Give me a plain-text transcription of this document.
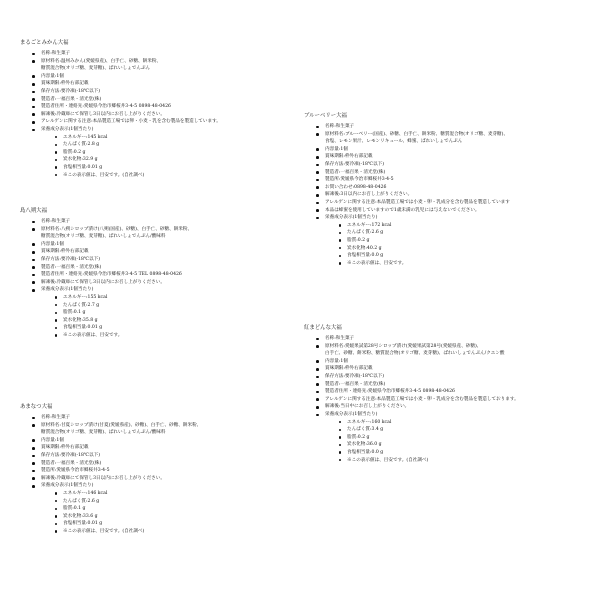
まるごとみかん大福
名称:和生菓子
原材料名:温州みかん(愛媛県産)、白手亡、砂糖、餅米粉、
糖質混合物(オリゴ糖、麦芽糖)、ばれいしょでんぷん
内容量:1個
賞味期限:枠外右部記載
保存方法:要冷凍(-18℃以下)
製造者:一福百果・清光堂(株)
製造者住所・連絡先:愛媛県今治市郷桜井3-4-5 0898-48-0426
解凍後:冷蔵庫にて保管し3日以内にお召し上がりください。
アレルゲンに関する注意:本品製造工場では卵・小麦・乳を含む製品を製造しています。
栄養成分表示(1個当たり)
エネルギー:145 kcal
たんぱく質:2.8 g
脂質:0.2 g
炭水化物:32.9 g
食塩相当量:0.01 g
※この表示値は、目安です。(自社調べ)
島八朔大福
名称:和生菓子
原材料名:八朔シロップ漬け(八朔(国産)、砂糖)、白手亡、砂糖、餅米粉、
糖質混合物(オリゴ糖、麦芽糖)、ばれいしょでんぷん/酸味料
内容量:1個
賞味期限:枠外右部記載
保存方法:要冷凍(-18℃以下)
製造者:一福百果・清光堂(株)
製造者住所・連絡先:愛媛県今治市郷桜井3-4-5 TEL 0898-48-0426
解凍後:冷蔵庫にて保管し3日以内にお召し上がりください。
栄養成分表示(1個当たり)
エネルギー:155 kcal
たんぱく質:2.7 g
脂質:0.1 g
炭水化物:35.8 g
食塩相当量:0.01 g
※この表示値は、目安です。
あまなつ大福
名称:和生菓子
原材料名:甘夏シロップ漬け(甘夏(愛媛県産)、砂糖)、白手亡、砂糖、餅米粉、
糖質混合物(オリゴ糖、麦芽糖)、ばれいしょでんぷん/酸味料
内容量:1個
賞味期限:枠外右部記載
保存方法:要冷凍(-18℃以下)
製造者:一福百果・清光堂(株)
製造所:愛媛県今治市郷桜井3-4-5
解凍後:冷蔵庫にて保管し3日以内にお召し上がりください。
栄養成分表示(1個当たり)
エネルギー:146 kcal
たんぱく質:2.6 g
脂質:0.1 g
炭水化物:33.6 g
食塩相当量:0.01 g
※この表示値は、目安です。(自社調べ)
ブルーベリー大福
名称:和生菓子
原材料名:ブルーベリー(国産)、砂糖、白手亡、餅米粉、糖質混合物(オリゴ糖、麦芽糖)、
食塩、レモン果汁、レモンリキュール、蜂蜜、ばれいしょでんぷん
内容量:1個
賞味期限:枠外右部記載
保存方法:要冷凍(-18℃以下)
製造者:一福百果・清光堂(株)
製造所:愛媛県今治市郷桜井3-4-5
お問い合わせ:0898-48-0426
解凍後:3日以内にお召し上がりください。
アレルゲンに関する注意:本品製造工場では小麦・卵・乳成分を含む製品を製造しています
本品は蜂蜜を使用していますので1歳未満の乳児には与えないでください。
栄養成分表示(1個当たり)
エネルギー:172 kcal
たんぱく質:2.6 g
脂質:0.2 g
炭水化物:40.2 g
食塩相当量:0.0 g
※この表示値は、目安です。
紅まどんな大福
名称:和生菓子
原材料名:愛媛果試第28号シロップ漬け(愛媛果試第28号(愛媛県産、砂糖)、
白手亡、砂糖、餅米粉、糖質混合物(オリゴ糖、麦芽糖)、ばれいしょでんぷん/クエン酸
内容量:1個
賞味期限:枠外右部記載
保存方法:要冷凍(-18℃以下)
製造者:一福百果・清光堂(株)
製造者住所・連絡先:愛媛県今治市郷桜井3-4-5 0898-48-0426
アレルゲンに関する注意:本品製造工場では小麦・卵・乳成分を含む製品を製造しております。
解凍後:当日中にお召し上がりください。
栄養成分表示(1個当たり)
エネルギー:160 kcal
たんぱく質:3.4 g
脂質:0.2 g
炭水化物:36.0 g
食塩相当量:0.0 g
※この表示値は、目安です。(自社調べ)
